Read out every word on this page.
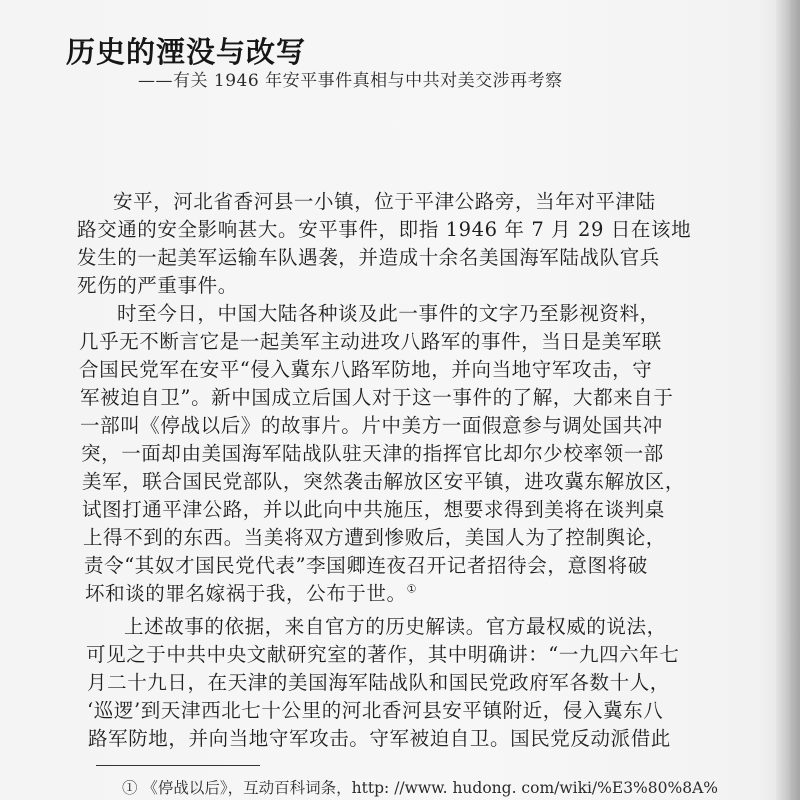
历史的湮没与改写
——有关 1946 年安平事件真相与中共对美交涉再考察
安平，河北省香河县一小镇，位于平津公路旁，当年对平津陆
路交通的安全影响甚大。安平事件，即指 1946 年 7 月 29 日在该地
发生的一起美军运输车队遇袭，并造成十余名美国海军陆战队官兵
死伤的严重事件。
时至今日，中国大陆各种谈及此一事件的文字乃至影视资料，
几乎无不断言它是一起美军主动进攻八路军的事件，当日是美军联
合国民党军在安平“侵入冀东八路军防地，并向当地守军攻击，守
军被迫自卫”。新中国成立后国人对于这一事件的了解，大都来自于
一部叫《停战以后》的故事片。片中美方一面假意参与调处国共冲
突，一面却由美国海军陆战队驻天津的指挥官比却尔少校率领一部
美军，联合国民党部队，突然袭击解放区安平镇，进攻冀东解放区，
试图打通平津公路，并以此向中共施压，想要求得到美将在谈判桌
上得不到的东西。当美将双方遭到惨败后，美国人为了控制舆论，
责令“其奴才国民党代表”李国卿连夜召开记者招待会，意图将破
坏和谈的罪名嫁祸于我，公布于世。①
上述故事的依据，来自官方的历史解读。官方最权威的说法，
可见之于中共中央文献研究室的著作，其中明确讲：“一九四六年七
月二十九日，在天津的美国海军陆战队和国民党政府军各数十人，
‘巡逻’到天津西北七十公里的河北香河县安平镇附近，侵入冀东八
路军防地，并向当地守军攻击。守军被迫自卫。国民党反动派借此
① 《停战以后》，互动百科词条，http: //www. hudong. com/wiki/%E3%80%8A%
